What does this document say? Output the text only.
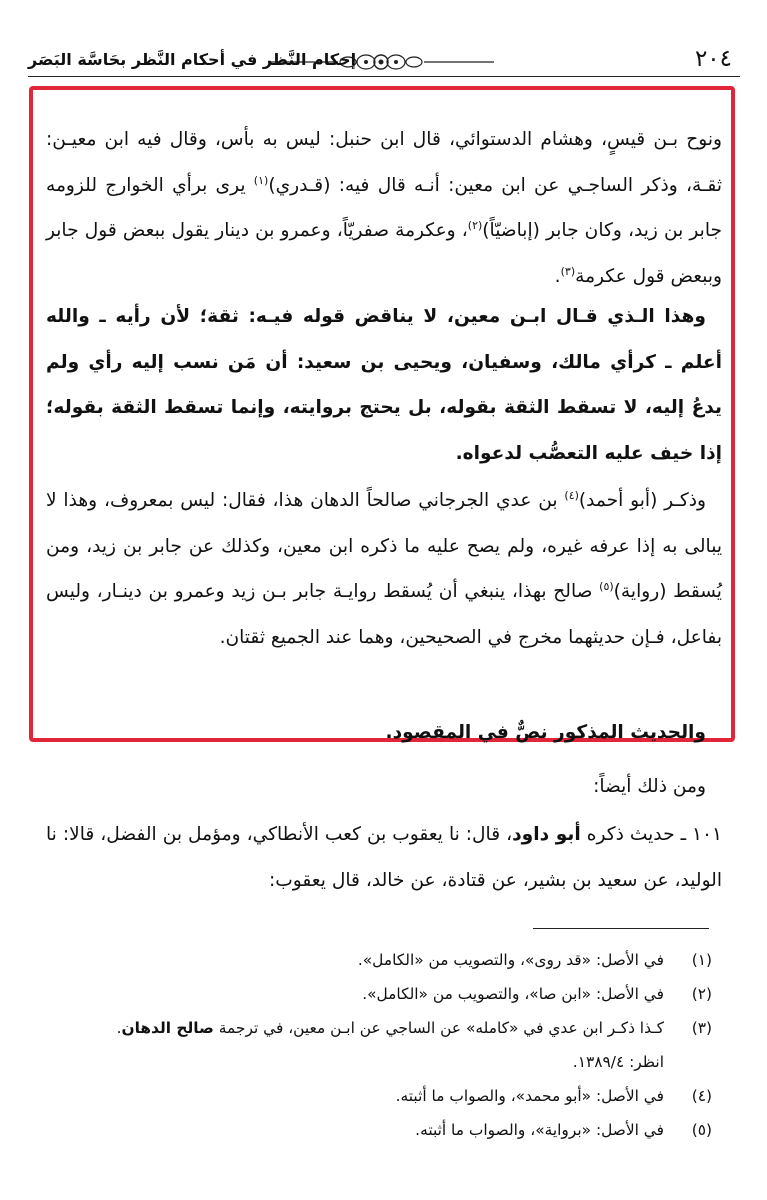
٢٠٤
إحكام النَّظر في أحكام النَّظر بحَاسَّة البَصَر
ونوح بـن قيسٍ، وهشام الدستوائي، قال ابن حنبل: ليس به بأس، وقال فيه ابن معيـن: ثقـة، وذكر الساجـي عن ابن معين: أنـه قال فيه: (قـدري)$^{(١)}$ يرى برأي الخوارج للزومه جابر بن زيد، وكان جابر (إباضيّاً)$^{(٢)}$، وعكرمة صفريّاً، وعمرو بن دينار يقول ببعض قول جابر وببعض قول عكرمة$^{(٣)}$.
وهذا الـذي قـال ابـن معين، لا يناقض قوله فيـه: ثقة؛ لأن رأيه ـ والله أعلم ـ كرأي مالك، وسفيان، ويحيى بن سعيد: أن مَن نسب إليه رأي ولم يدعُ إليه، لا تسقط الثقة بقوله، بل يحتج بروايته، وإنما تسقط الثقة بقوله؛ إذا خيف عليه التعصُّب لدعواه.
وذكـر (أبو أحمد)$^{(٤)}$ بن عدي الجرجاني صالحاً الدهان هذا، فقال: ليس بمعروف، وهذا لا يبالى به إذا عرفه غيره، ولم يصح عليه ما ذكره ابن معين، وكذلك عن جابر بن زيد، ومن يُسقط (رواية)$^{(٥)}$ صالح بهذا، ينبغي أن يُسقط روايـة جابر بـن زيد وعمرو بن دينـار، وليس بفاعل، فـإن حديثهما مخرج في الصحيحين، وهما عند الجميع ثقتان.
والحديث المذكور نصٌّ في المقصود.
ومن ذلك أيضاً:
١٠١ ـ حديث ذكره أبو داود، قال: نا يعقوب بن كعب الأنطاكي، ومؤمل بن الفضل، قالا: نا الوليد، عن سعيد بن بشير، عن قتادة، عن خالد، قال يعقوب:
(١)
في الأصل: «قد روى»، والتصويب من «الكامل».
(٢)
في الأصل: «ابن صا»، والتصويب من «الكامل».
(٣)
كـذا ذكـر ابن عدي في «كامله» عن الساجي عن ابـن معين، في ترجمة صالح الدهان.
انظر: ١٣٨٩/٤.
(٤)
في الأصل: «أبو محمد»، والصواب ما أثبته.
(٥)
في الأصل: «برواية»، والصواب ما أثبته.
